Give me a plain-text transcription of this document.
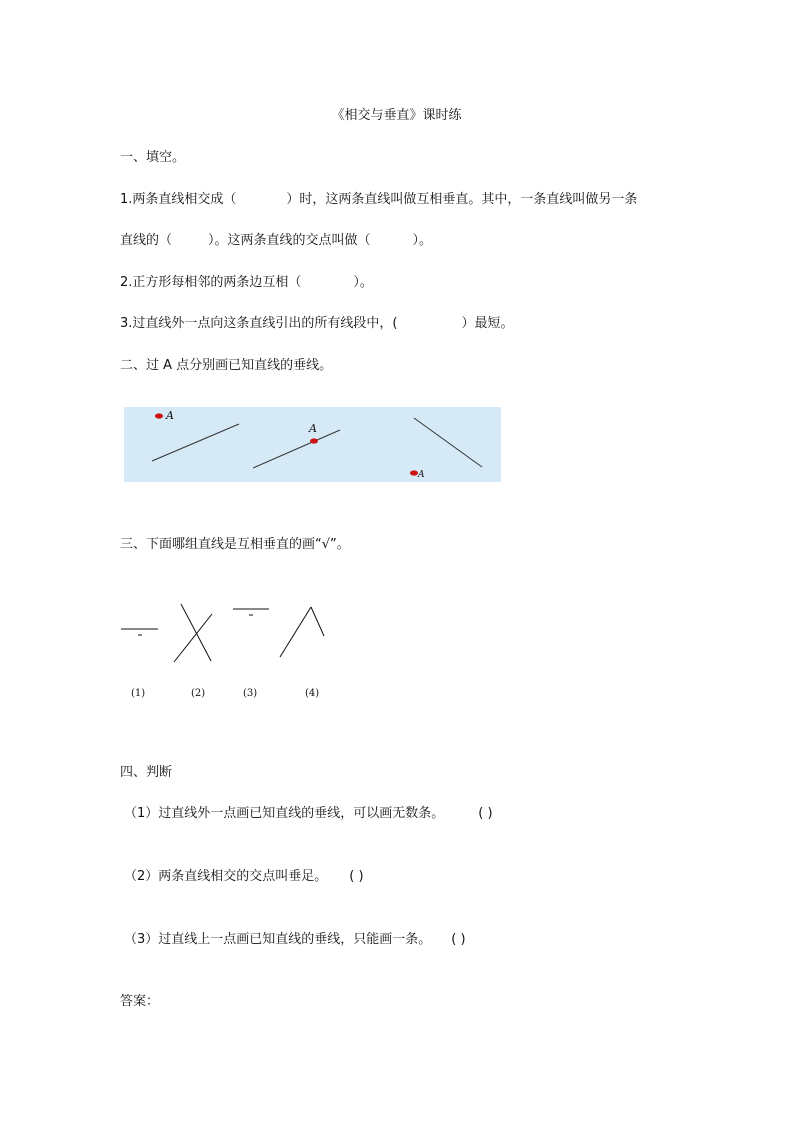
《相交与垂直》课时练
一、填空。
1.两条直线相交成（	）时，这两条直线叫做互相垂直。其中，一条直线叫做另一条
直线的（	）。这两条直线的交点叫做（	）。
2.正方形每相邻的两条边互相（	）。
3.过直线外一点向这条直线引出的所有线段中，(	）最短。
二、过 A 点分别画已知直线的垂线。
A
A
A
三、下面哪组直线是互相垂直的画“√”。
(1)	(2)	(3)	(4)
四、判断
（1）过直线外一点画已知直线的垂线，可以画无数条。	( )
（2）两条直线相交的交点叫垂足。 ( )
（3）过直线上一点画已知直线的垂线，只能画一条。 ( )
答案：
